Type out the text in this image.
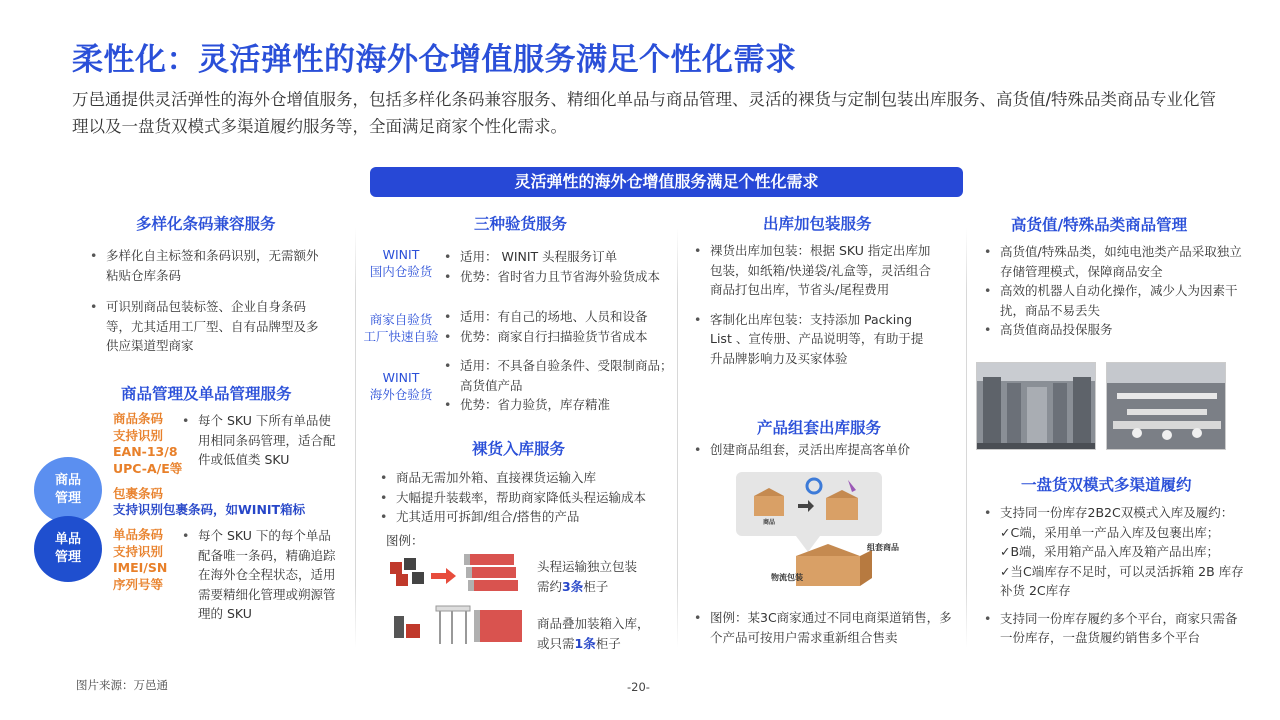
柔性化：灵活弹性的海外仓增值服务满足个性化需求
万邑通提供灵活弹性的海外仓增值服务，包括多样化条码兼容服务、精细化单品与商品管理、灵活的裸货与定制包装出库服务、高货值/特殊品类商品专业化管理以及一盘货双模式多渠道履约服务等，全面满足商家个性化需求。
灵活弹性的海外仓增值服务满足个性化需求
多样化条码兼容服务
• 多样化自主标签和条码识别，无需额外粘贴仓库条码
• 可识别商品包装标签、企业自身条码等，尤其适用工厂型、自有品牌型及多供应渠道型商家
商品管理及单品管理服务
商品
管理
单品
管理
商品条码
支持识别
EAN-13/8
UPC-A/E等
• 每个 SKU 下所有单品使用相同条码管理，适合配件或低值类 SKU
包裹条码
支持识别包裹条码，如WINIT箱标
单品条码
支持识别
IMEI/SN
序列号等
• 每个 SKU 下的每个单品配备唯一条码，精确追踪在海外仓全程状态，适用需要精细化管理或朔源管理的 SKU
三种验货服务
WINIT
国内仓验货
• 适用： WINIT 头程服务订单
• 优势：省时省力且节省海外验货成本
商家自验货
工厂快速自验
• 适用：有自己的场地、人员和设备
• 优势：商家自行扫描验货节省成本
WINIT
海外仓验货
• 适用：不具备自验条件、受限制商品；高货值产品
• 优势：省力验货，库存精准
裸货入库服务
• 商品无需加外箱、直接裸货运输入库
• 大幅提升装载率，帮助商家降低头程运输成本
• 尤其适用可拆卸/组合/搭售的产品
图例：
头程运输独立包装
需约3条柜子
商品叠加装箱入库，
或只需1条柜子
出库加包装服务
• 裸货出库加包装：根据 SKU 指定出库加包装，如纸箱/快递袋/礼盒等，灵活组合商品打包出库，节省头/尾程费用
• 客制化出库包装：支持添加 Packing List 、宣传册、产品说明等，有助于提升品牌影响力及买家体验
产品组套出库服务
• 创建商品组套，灵活出库提高客单价
商品
组套商品
物流包装
• 图例：某3C商家通过不同电商渠道销售，多个产品可按用户需求重新组合售卖
高货值/特殊品类商品管理
• 高货值/特殊品类，如纯电池类产品采取独立存储管理模式，保障商品安全
• 高效的机器人自动化操作，减少人为因素干扰，商品不易丢失
• 高货值商品投保服务
一盘货双模式多渠道履约
• 支持同一份库存2B2C双模式入库及履约：
✓C端，采用单一产品入库及包裹出库；
✓B端，采用箱产品入库及箱产品出库；
✓当C端库存不足时，可以灵活拆箱 2B 库存补货 2C库存
• 支持同一份库存履约多个平台，商家只需备一份库存，一盘货履约销售多个平台
图片来源：万邑通	-20-
